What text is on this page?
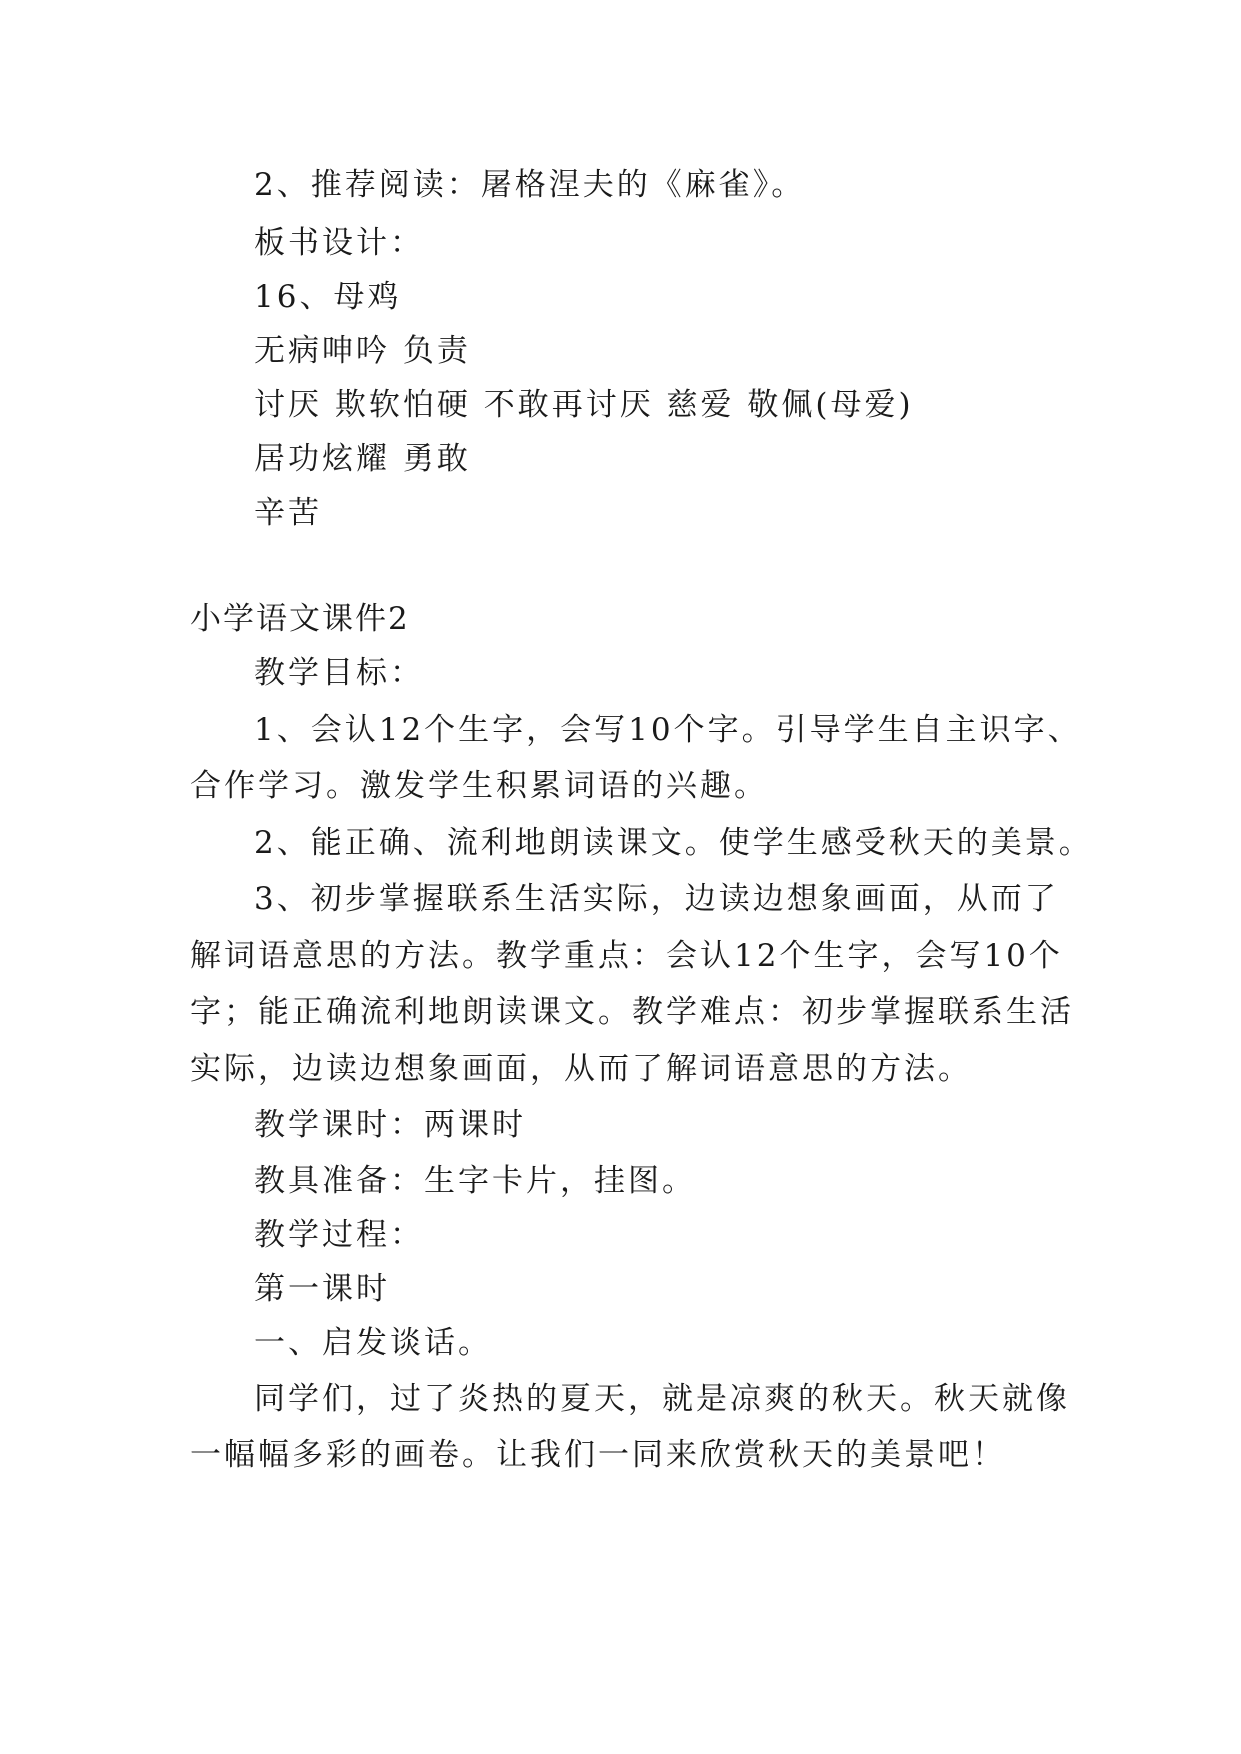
2、推荐阅读：屠格涅夫的《麻雀》。
板书设计：
16、母鸡
无病呻吟 负责
讨厌 欺软怕硬 不敢再讨厌 慈爱 敬佩(母爱)
居功炫耀 勇敢
辛苦
小学语文课件2
教学目标：
1、会认12个生字，会写10个字。引导学生自主识字、
合作学习。激发学生积累词语的兴趣。
2、能正确、流利地朗读课文。使学生感受秋天的美景。
3、初步掌握联系生活实际，边读边想象画面，从而了
解词语意思的方法。教学重点：会认12个生字，会写10个
字；能正确流利地朗读课文。教学难点：初步掌握联系生活
实际，边读边想象画面，从而了解词语意思的方法。
教学课时：两课时
教具准备：生字卡片，挂图。
教学过程：
第一课时
一、启发谈话。
同学们，过了炎热的夏天，就是凉爽的秋天。秋天就像
一幅幅多彩的画卷。让我们一同来欣赏秋天的美景吧！
